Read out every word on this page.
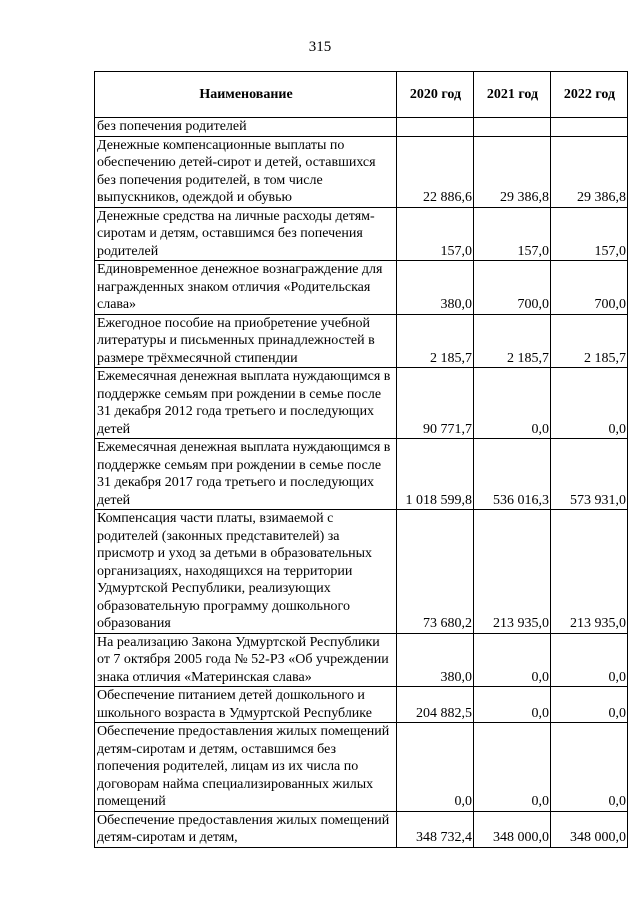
315
Наименование	2020 год	2021 год	2022 год
без попечения родителей			
Денежные компенсационные выплаты по обеспечению детей-сирот и детей, оставшихся без попечения родителей, в том числе выпускников, одеждой и обувью	22 886,6	29 386,8	29 386,8
Денежные средства на личные расходы детям-сиротам и детям, оставшимся без попечения родителей	157,0	157,0	157,0
Единовременное денежное вознаграждение для награжденных знаком отличия «Родительская слава»	380,0	700,0	700,0
Ежегодное пособие на приобретение учебной литературы и письменных принадлежностей в размере трёхмесячной стипендии	2 185,7	2 185,7	2 185,7
Ежемесячная денежная выплата нуждающимся в поддержке семьям при рождении в семье после 31 декабря 2012 года третьего и последующих детей	90 771,7	0,0	0,0
Ежемесячная денежная выплата нуждающимся в поддержке семьям при рождении в семье после 31 декабря 2017 года третьего и последующих детей	1 018 599,8	536 016,3	573 931,0
Компенсация части платы, взимаемой с родителей (законных представителей) за присмотр и уход за детьми в образовательных организациях, находящихся на территории Удмуртской Республики, реализующих образовательную программу дошкольного образования	73 680,2	213 935,0	213 935,0
На реализацию Закона Удмуртской Республики от 7 октября 2005 года № 52-РЗ «Об учреждении знака отличия «Материнская слава»	380,0	0,0	0,0
Обеспечение питанием детей дошкольного и школьного возраста в Удмуртской Республике	204 882,5	0,0	0,0
Обеспечение предоставления жилых помещений детям-сиротам и детям, оставшимся без попечения родителей, лицам из их числа по договорам найма специализированных жилых помещений	0,0	0,0	0,0
Обеспечение предоставления жилых помещений детям-сиротам и детям,	348 732,4	348 000,0	348 000,0
